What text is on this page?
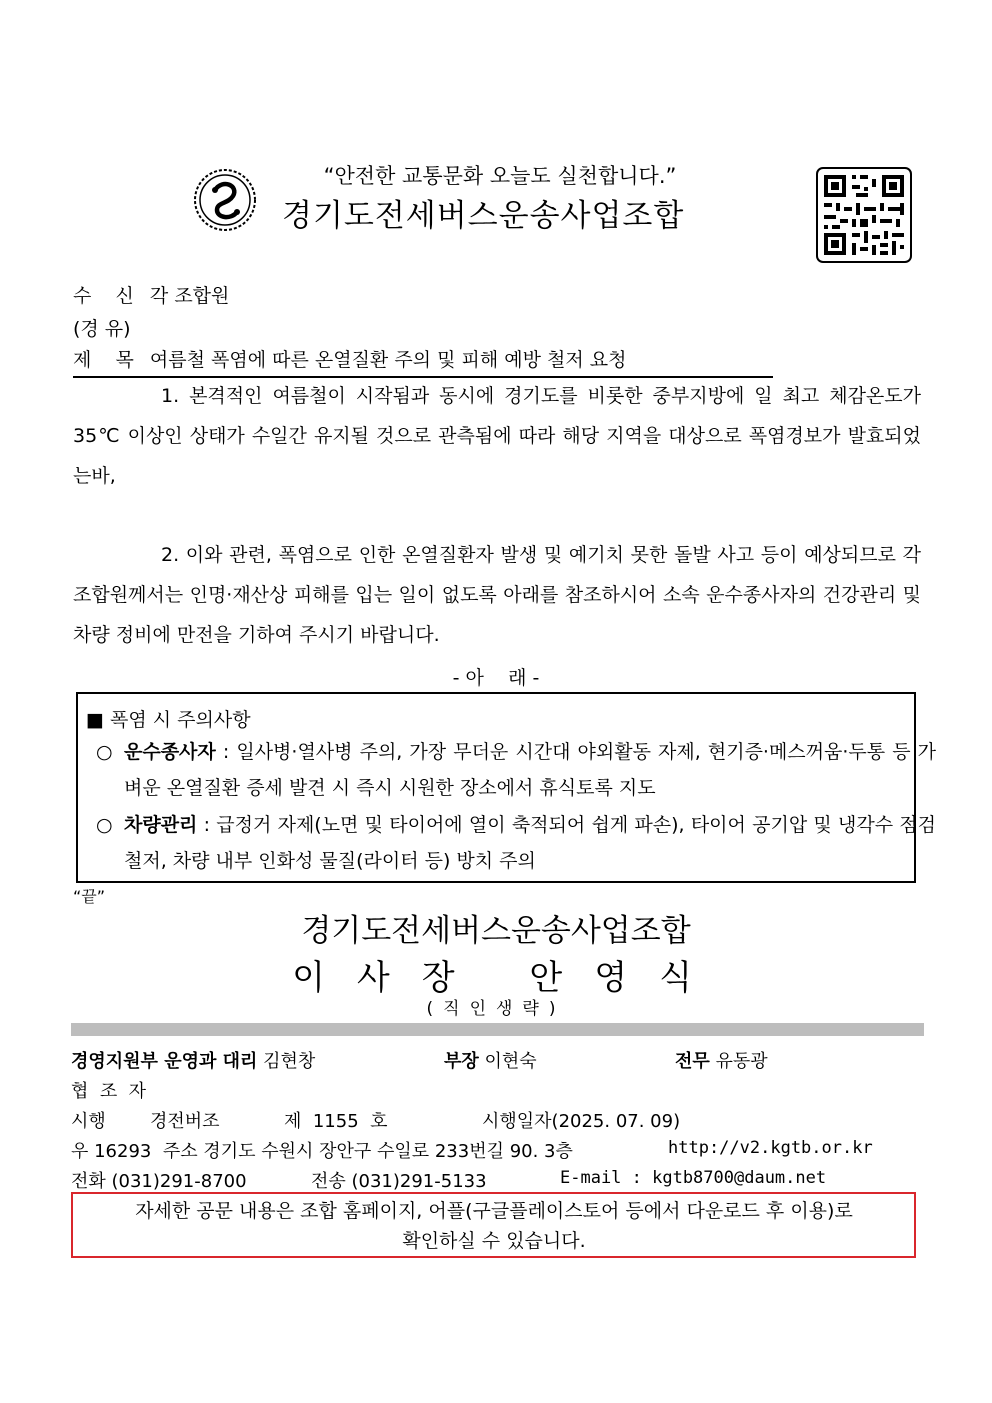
“안전한 교통문화 오늘도 실천합니다.”
경기도전세버스운송사업조합
수    신 각 조합원
(경 유)
제    목 여름철 폭염에 따른 온열질환 주의 및 피해 예방 철저 요청
1. 본격적인 여름철이 시작됨과 동시에 경기도를 비롯한 중부지방에 일 최고 체감온도가 35℃ 이상인 상태가 수일간 유지될 것으로 관측됨에 따라 해당 지역을 대상으로 폭염경보가 발효되었는바,
2. 이와 관련, 폭염으로 인한 온열질환자 발생 및 예기치 못한 돌발 사고 등이 예상되므로 각 조합원께서는 인명·재산상 피해를 입는 일이 없도록 아래를 참조하시어 소속 운수종사자의 건강관리 및 차량 정비에 만전을 기하여 주시기 바랍니다.
- 아    래 -
■ 폭염 시 주의사항
○ 운수종사자 : 일사병·열사병 주의, 가장 무더운 시간대 야외활동 자제, 현기증·메스꺼움·두통 등 가벼운 온열질환 증세 발견 시 즉시 시원한 장소에서 휴식토록 지도
○ 차량관리 : 급정거 자제(노면 및 타이어에 열이 축적되어 쉽게 파손), 타이어 공기압 및 냉각수 점검 철저, 차량 내부 인화성 물질(라이터 등) 방치 주의
“끝”
경기도전세버스운송사업조합
이사장 안영식
(직인생략)
경영지원부 운영과 대리 김현창	부장 이현숙	전무 유동광
협  조  자
시행 경전버조	제  1155  호	시행일자(2025. 07. 09)
우 16293  주소 경기도 수원시 장안구 수일로 233번길 90. 3층	http://v2.kgtb.or.kr
전화 (031)291-8700	전송 (031)291-5133	E-mail : kgtb8700@daum.net
자세한 공문 내용은 조합 홈페이지, 어플(구글플레이스토어 등에서 다운로드 후 이용)로
확인하실 수 있습니다.
